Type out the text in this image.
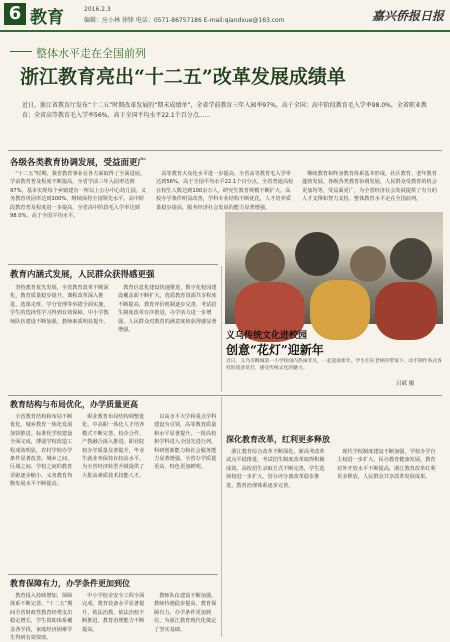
6 教育	2016.2.3
编辑：应小林 徐锋 电话：0571-86757186 E-mail:qiandxue@163.com	嘉兴侨报日报
整体水平走在全国前列
浙江教育亮出“十二五”改革发展成绩单
近日，浙江省教育厅发布“十二五”时期改革发展的“期末成绩单”，全省学前教育三年入园率97%，高于全国；高中阶段教育毛入学率98.0%，全省职业教育；全省高等教育毛入学率56%，高于全国平均水平22.1个百分点……
各级各类教育协调发展，受益面更广
“十二五”时期，我省教育事业在各方面取得了全面进展。学前教育普及程度不断提高，全省学前三年入园率达到97%，基本实现每个乡镇建有一所以上公办中心幼儿园。义务教育巩固率达到100%，继续保持全国领先水平。高中阶段教育普及程度进一步提高，全省高中阶段毛入学率达到98.0%，高于全国平均水平。
高等教育大众化水平进一步提高，全省高等教育毛入学率达到56%，高于全国平均水平22.1个百分点。全省普通高校在校生人数达到100余万人，研究生教育规模不断扩大。高校办学条件明显改善，学科专业结构不断优化，人才培养质量稳步提高，服务经济社会发展的能力显著增强。
继续教育和终身教育体系基本形成，社区教育、老年教育蓬勃发展。各级各类教育协调发展，人民群众受教育的机会更加均等，受益面更广，为全省经济社会发展提供了有力的人才支撑和智力支持，整体教育水平走在全国前列。
教育内涵式发展，人民群众获得感更强
坚持教育优先发展，全省教育改革不断深化，教育质量稳步提升。课程改革深入推进，选课走班、学分管理等举措全面实施，学生的选择性学习得到有效保障。中小学教师队伍建设不断加强，教师素质明显提升。
教育信息化建设快速推进，数字化校园建设覆盖面不断扩大，优质教育资源共享程度不断提高。教育评价机制逐步完善，考试招生制度改革有序推进，办学活力进一步增强，人民群众对教育的满意度和获得感显著增强。
义乌传统文化进校园
创意“花灯”迎新年
近日，义乌市稠城第一小学校园内热闹非凡，一起迎接新年。学生们在老师的带领下，动手制作各式各样的创意花灯，感受传统文化的魅力。
吕斌 摄
教育结构与布局优化，办学质量更高
全省教育结构和布局不断优化，城乡教育一体化发展加快推进。标准化学校建设全面完成，薄弱学校改造工程成效明显，农村学校办学条件显著改善。城乡之间、区域之间、学校之间的教育差距逐步缩小，义务教育均衡发展水平不断提高。
职业教育布局结构调整优化，中高职一体化人才培养模式不断完善，校企合作、产教融合深入推进。职业院校办学质量显著提升，毕业生就业率保持在较高水平，为全省经济转型升级提供了大批高素质技术技能人才。
以高水平大学和重点学科建设为引领，高等教育质量和水平显著提升。一批高校和学科进入全国先进行列，科研创新能力和社会服务能力显著增强，全省办学质量更高，特色更加鲜明。
深化教育改革，红利更多释放
浙江教育综合改革不断深化，新高考改革试点平稳推进，考试招生制度改革取得积极成效。高校招生录取方式不断完善，学生选择权进一步扩大。管办评分离改革稳步推进，教育治理体系逐步完善。
现代学校制度建设不断加强，学校办学自主权进一步扩大。民办教育健康发展，教育对外开放水平不断提高，浙江教育改革红利更多释放，人民群众共享改革发展成果。
教育保障有力，办学条件更加到位
教育投入持续增加，保障体系不断完善。“十二五”期间全省财政性教育经费支出稳定增长，学生资助体系覆盖各学段，家庭经济困难学生得到有效资助。
中小学校舍安全工程全面完成，教育装备水平显著提升，依法治教、依法治校不断推进，教育治理能力不断提高。
教师队伍建设不断加强，教师待遇稳步提高，教育保障有力，办学条件更加到位，为浙江教育现代化奠定了坚实基础。
